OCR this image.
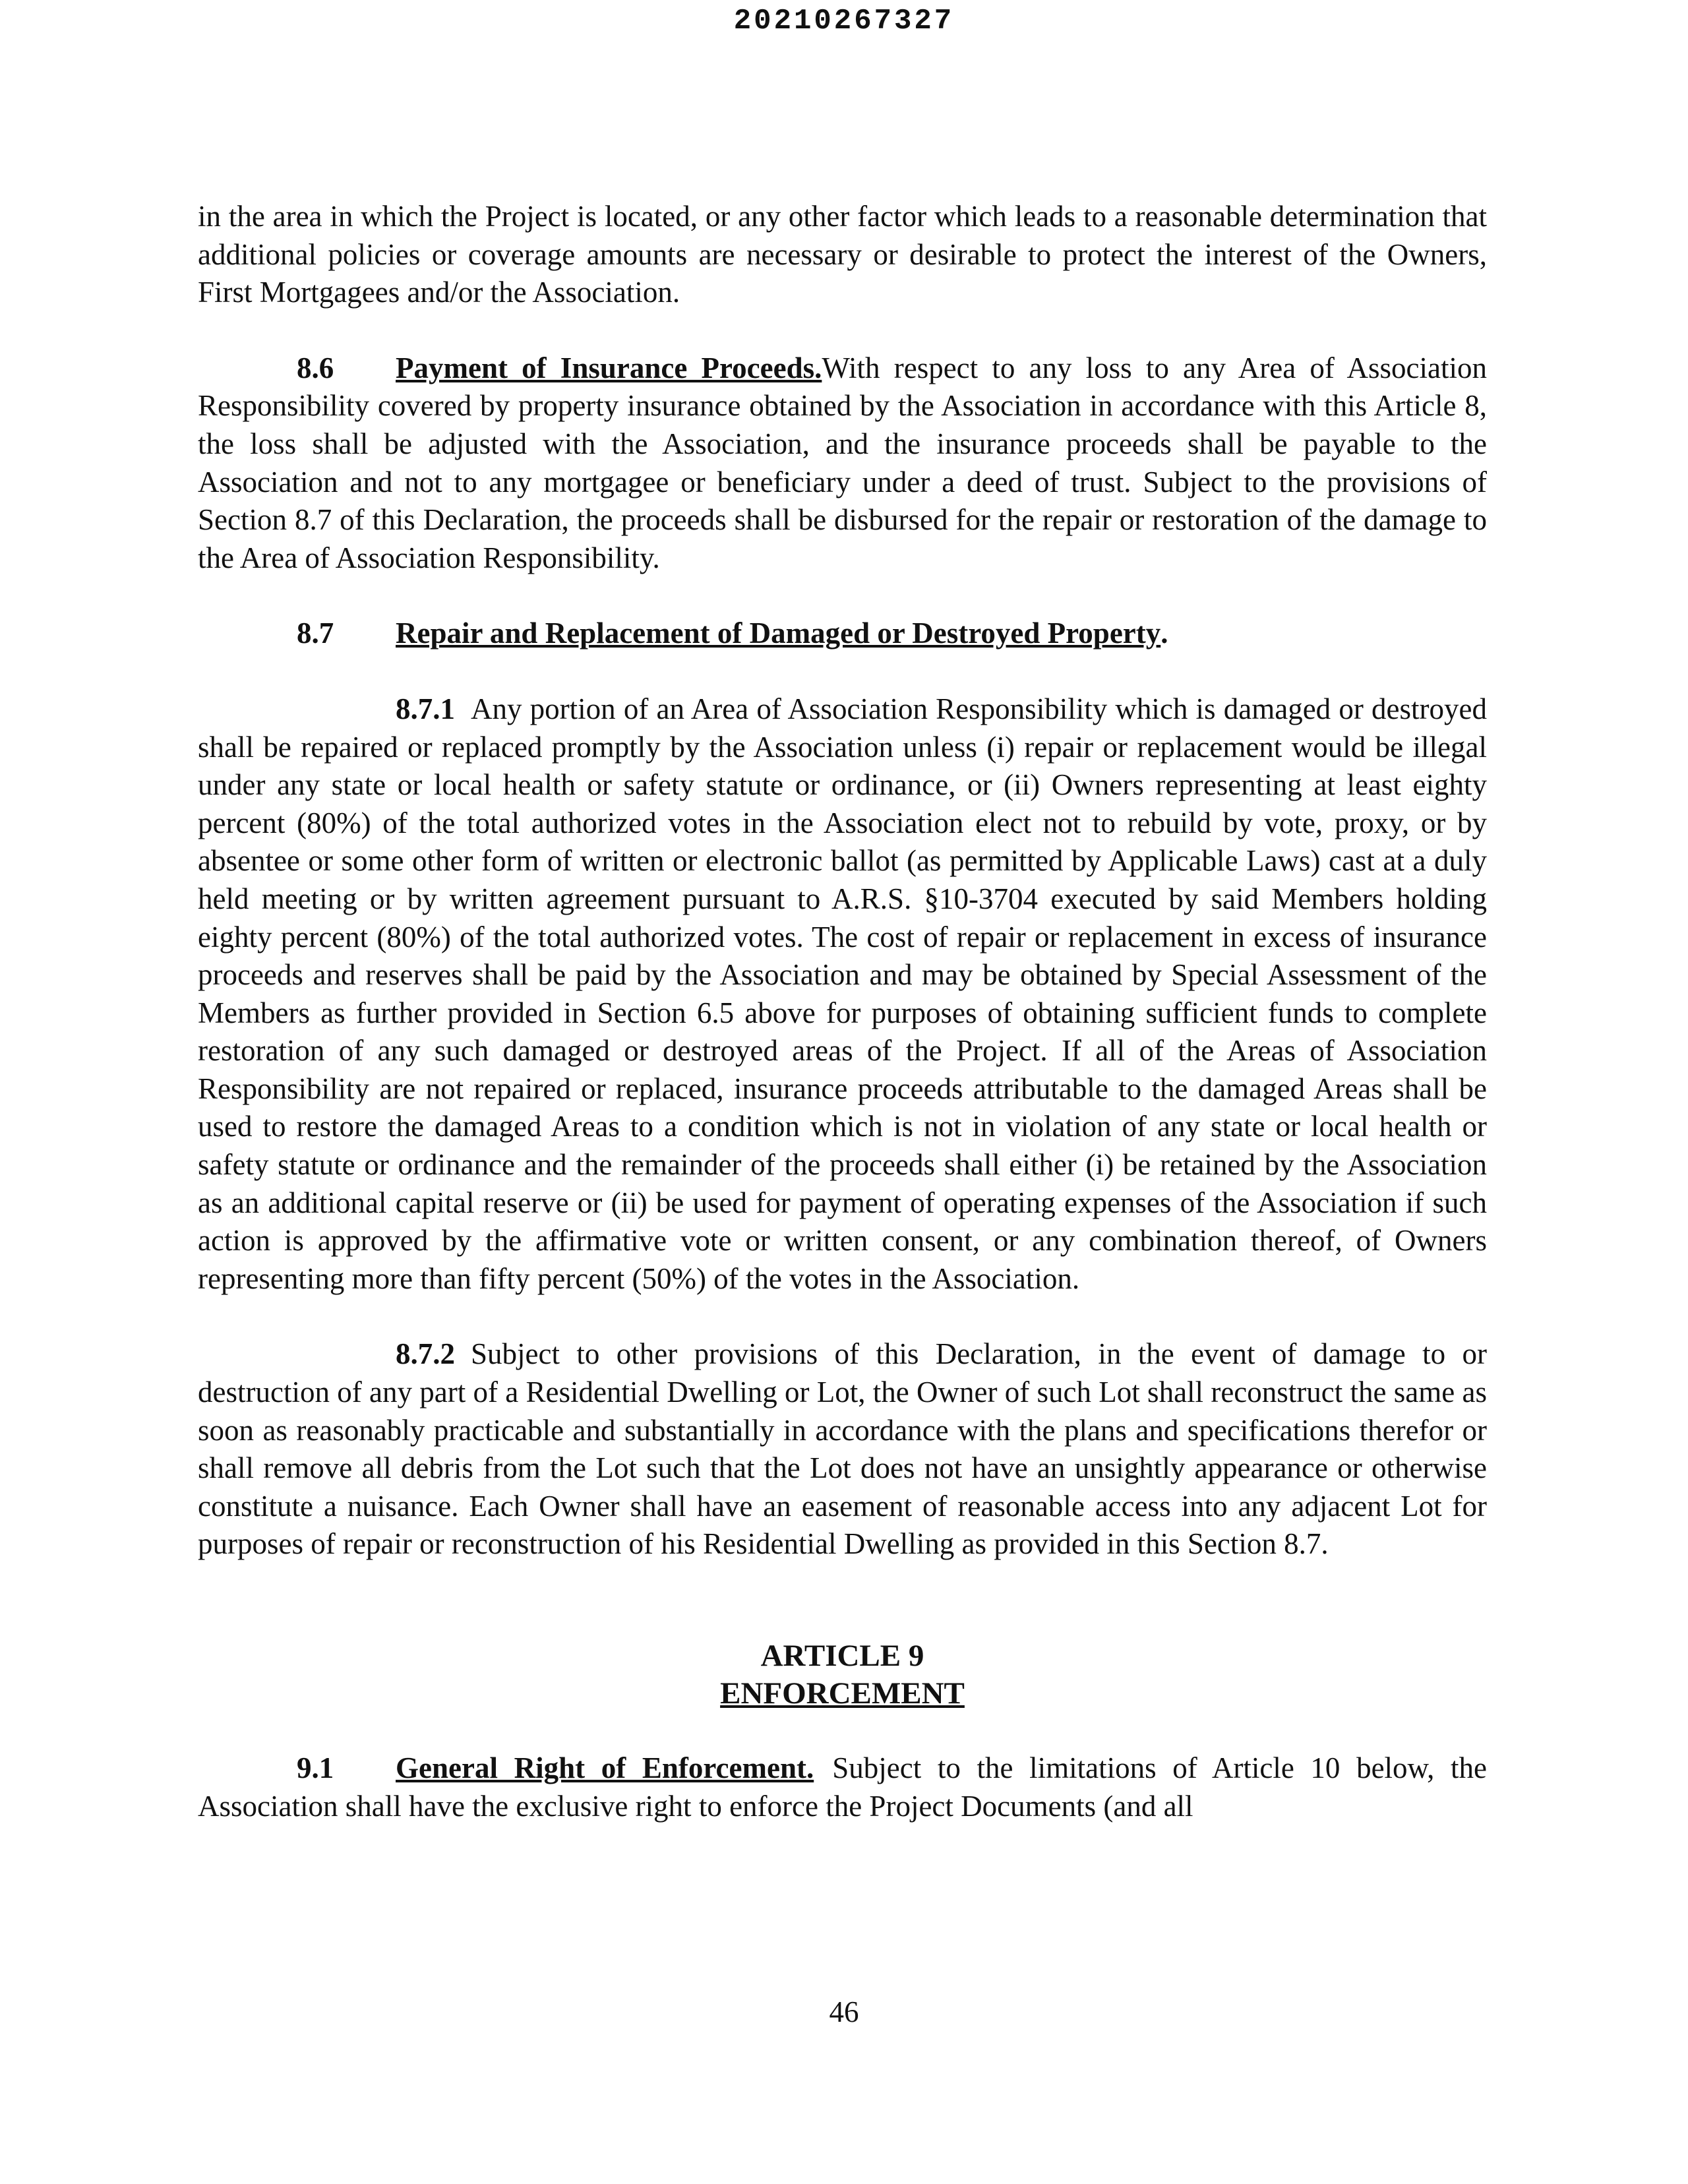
20210267327

in the area in which the Project is located, or any other factor which leads to a reasonable determination that additional policies or coverage amounts are necessary or desirable to protect the interest of the Owners, First Mortgagees and/or the Association.

8.6 Payment of Insurance Proceeds.With respect to any loss to any Area of Association Responsibility covered by property insurance obtained by the Association in accordance with this Article 8, the loss shall be adjusted with the Association, and the insurance proceeds shall be payable to the Association and not to any mortgagee or beneficiary under a deed of trust. Subject to the provisions of Section 8.7 of this Declaration, the proceeds shall be disbursed for the repair or restoration of the damage to the Area of Association Responsibility.

8.7 Repair and Replacement of Damaged or Destroyed Property.

8.7.1 Any portion of an Area of Association Responsibility which is damaged or destroyed shall be repaired or replaced promptly by the Association unless (i) repair or replacement would be illegal under any state or local health or safety statute or ordinance, or (ii) Owners representing at least eighty percent (80%) of the total authorized votes in the Association elect not to rebuild by vote, proxy, or by absentee or some other form of written or electronic ballot (as permitted by Applicable Laws) cast at a duly held meeting or by written agreement pursuant to A.R.S. §10-3704 executed by said Members holding eighty percent (80%) of the total authorized votes. The cost of repair or replacement in excess of insurance proceeds and reserves shall be paid by the Association and may be obtained by Special Assessment of the Members as further provided in Section 6.5 above for purposes of obtaining sufficient funds to complete restoration of any such damaged or destroyed areas of the Project. If all of the Areas of Association Responsibility are not repaired or replaced, insurance proceeds attributable to the damaged Areas shall be used to restore the damaged Areas to a condition which is not in violation of any state or local health or safety statute or ordinance and the remainder of the proceeds shall either (i) be retained by the Association as an additional capital reserve or (ii) be used for payment of operating expenses of the Association if such action is approved by the affirmative vote or written consent, or any combination thereof, of Owners representing more than fifty percent (50%) of the votes in the Association.

8.7.2 Subject to other provisions of this Declaration, in the event of damage to or destruction of any part of a Residential Dwelling or Lot, the Owner of such Lot shall reconstruct the same as soon as reasonably practicable and substantially in accordance with the plans and specifications therefor or shall remove all debris from the Lot such that the Lot does not have an unsightly appearance or otherwise constitute a nuisance. Each Owner shall have an easement of reasonable access into any adjacent Lot for purposes of repair or reconstruction of his Residential Dwelling as provided in this Section 8.7.

ARTICLE 9
ENFORCEMENT

9.1 General Right of Enforcement. Subject to the limitations of Article 10 below, the Association shall have the exclusive right to enforce the Project Documents (and all

46
